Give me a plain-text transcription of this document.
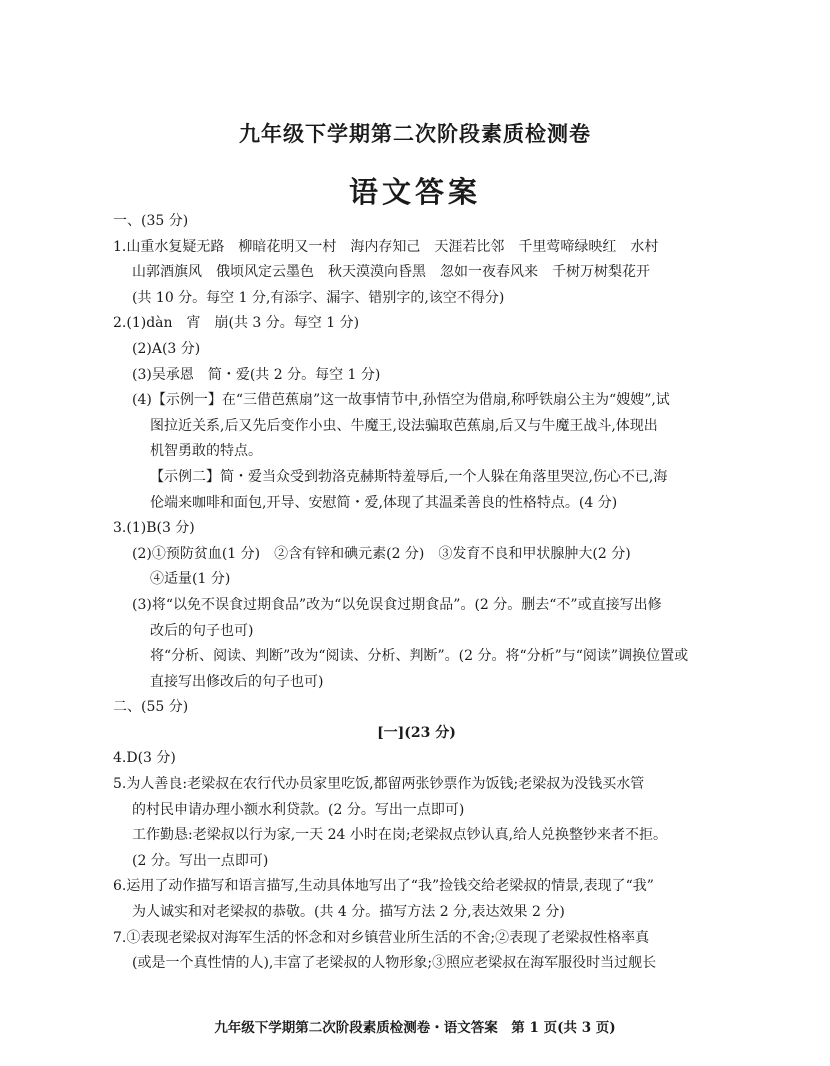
九年级下学期第二次阶段素质检测卷
语文答案
一、(35 分)
1.山重水复疑无路　柳暗花明又一村　海内存知己　天涯若比邻　千里莺啼绿映红　水村
山郭酒旗风　俄顷风定云墨色　秋天漠漠向昏黑　忽如一夜春风来　千树万树梨花开
(共 10 分。每空 1 分,有添字、漏字、错别字的,该空不得分)
2.(1)dàn　宵　崩(共 3 分。每空 1 分)
(2)A(3 分)
(3)吴承恩　简・爱(共 2 分。每空 1 分)
(4)【示例一】在“三借芭蕉扇”这一故事情节中,孙悟空为借扇,称呼铁扇公主为“嫂嫂”,试
图拉近关系,后又先后变作小虫、牛魔王,设法骗取芭蕉扇,后又与牛魔王战斗,体现出
机智勇敢的特点。
【示例二】简・爱当众受到勃洛克赫斯特羞辱后,一个人躲在角落里哭泣,伤心不已,海
伦端来咖啡和面包,开导、安慰简・爱,体现了其温柔善良的性格特点。(4 分)
3.(1)B(3 分)
(2)①预防贫血(1 分)　②含有锌和碘元素(2 分)　③发育不良和甲状腺肿大(2 分)
④适量(1 分)
(3)将“以免不误食过期食品”改为“以免误食过期食品”。(2 分。删去“不”或直接写出修
改后的句子也可)
将“分析、阅读、判断”改为“阅读、分析、判断”。(2 分。将“分析”与“阅读”调换位置或
直接写出修改后的句子也可)
二、(55 分)
[一](23 分)
4.D(3 分)
5.为人善良:老梁叔在农行代办员家里吃饭,都留两张钞票作为饭钱;老梁叔为没钱买水管
的村民申请办理小额水利贷款。(2 分。写出一点即可)
工作勤恳:老梁叔以行为家,一天 24 小时在岗;老梁叔点钞认真,给人兑换整钞来者不拒。
(2 分。写出一点即可)
6.运用了动作描写和语言描写,生动具体地写出了“我”捡钱交给老梁叔的情景,表现了“我”
为人诚实和对老梁叔的恭敬。(共 4 分。描写方法 2 分,表达效果 2 分)
7.①表现老梁叔对海军生活的怀念和对乡镇营业所生活的不舍;②表现了老梁叔性格率真
(或是一个真性情的人),丰富了老梁叔的人物形象;③照应老梁叔在海军服役时当过舰长
九年级下学期第二次阶段素质检测卷・语文答案　第 1 页(共 3 页)
